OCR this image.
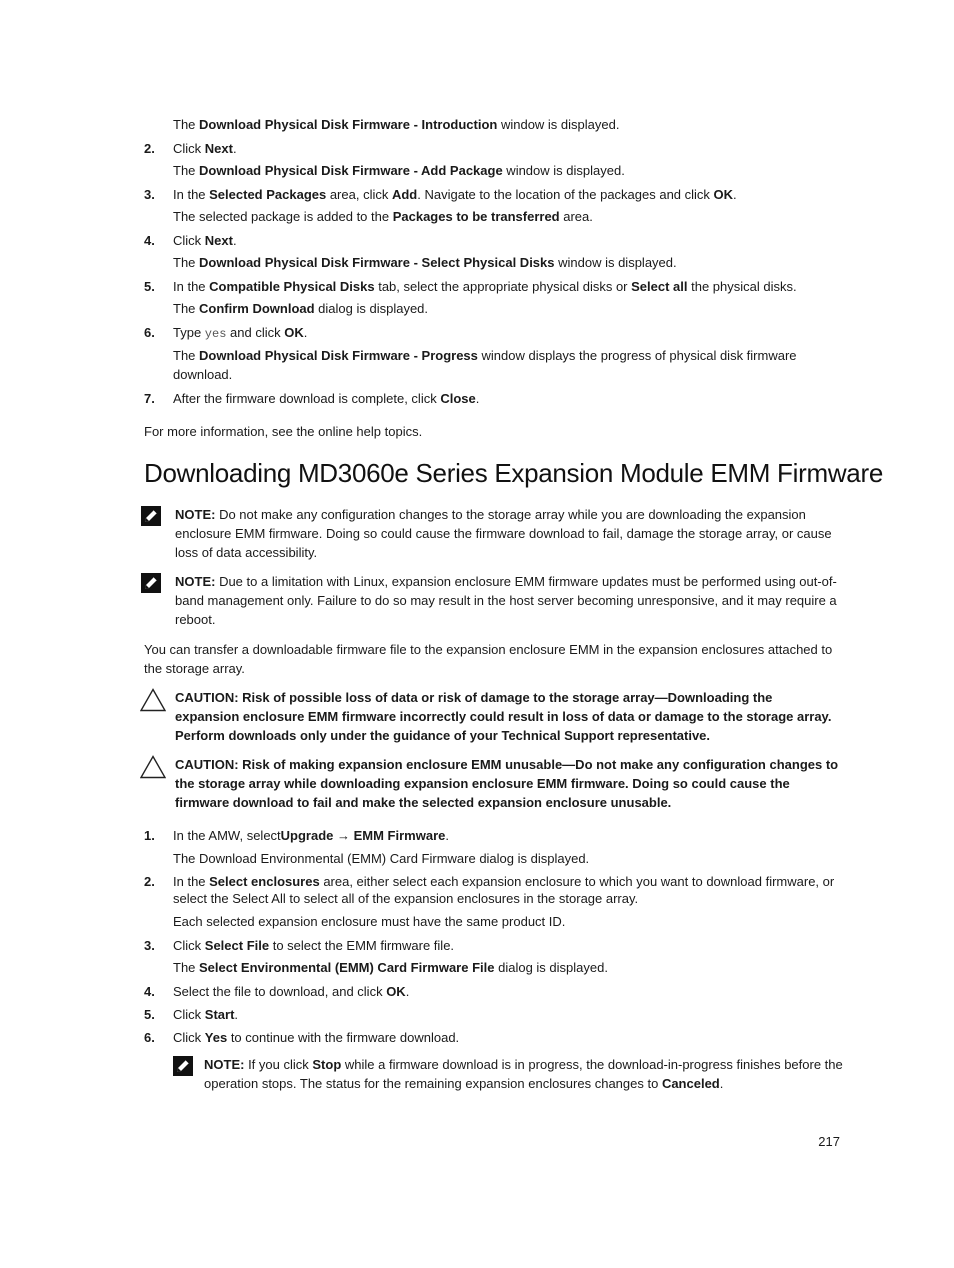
The Download Physical Disk Firmware - Introduction window is displayed.
2. Click Next.
The Download Physical Disk Firmware - Add Package window is displayed.
3. In the Selected Packages area, click Add. Navigate to the location of the packages and click OK.
The selected package is added to the Packages to be transferred area.
4. Click Next.
The Download Physical Disk Firmware - Select Physical Disks window is displayed.
5. In the Compatible Physical Disks tab, select the appropriate physical disks or Select all the physical disks.
The Confirm Download dialog is displayed.
6. Type yes and click OK.
The Download Physical Disk Firmware - Progress window displays the progress of physical disk firmware download.
7. After the firmware download is complete, click Close.
For more information, see the online help topics.
Downloading MD3060e Series Expansion Module EMM Firmware
NOTE: Do not make any configuration changes to the storage array while you are downloading the expansion enclosure EMM firmware. Doing so could cause the firmware download to fail, damage the storage array, or cause loss of data accessibility.
NOTE: Due to a limitation with Linux, expansion enclosure EMM firmware updates must be performed using out-of-band management only. Failure to do so may result in the host server becoming unresponsive, and it may require a reboot.
You can transfer a downloadable firmware file to the expansion enclosure EMM in the expansion enclosures attached to the storage array.
CAUTION: Risk of possible loss of data or risk of damage to the storage array—Downloading the expansion enclosure EMM firmware incorrectly could result in loss of data or damage to the storage array. Perform downloads only under the guidance of your Technical Support representative.
CAUTION: Risk of making expansion enclosure EMM unusable—Do not make any configuration changes to the storage array while downloading expansion enclosure EMM firmware. Doing so could cause the firmware download to fail and make the selected expansion enclosure unusable.
1. In the AMW, selectUpgrade → EMM Firmware.
The Download Environmental (EMM) Card Firmware dialog is displayed.
2. In the Select enclosures area, either select each expansion enclosure to which you want to download firmware, or select the Select All to select all of the expansion enclosures in the storage array.
Each selected expansion enclosure must have the same product ID.
3. Click Select File to select the EMM firmware file.
The Select Environmental (EMM) Card Firmware File dialog is displayed.
4. Select the file to download, and click OK.
5. Click Start.
6. Click Yes to continue with the firmware download.
NOTE: If you click Stop while a firmware download is in progress, the download-in-progress finishes before the operation stops. The status for the remaining expansion enclosures changes to Canceled.
217
